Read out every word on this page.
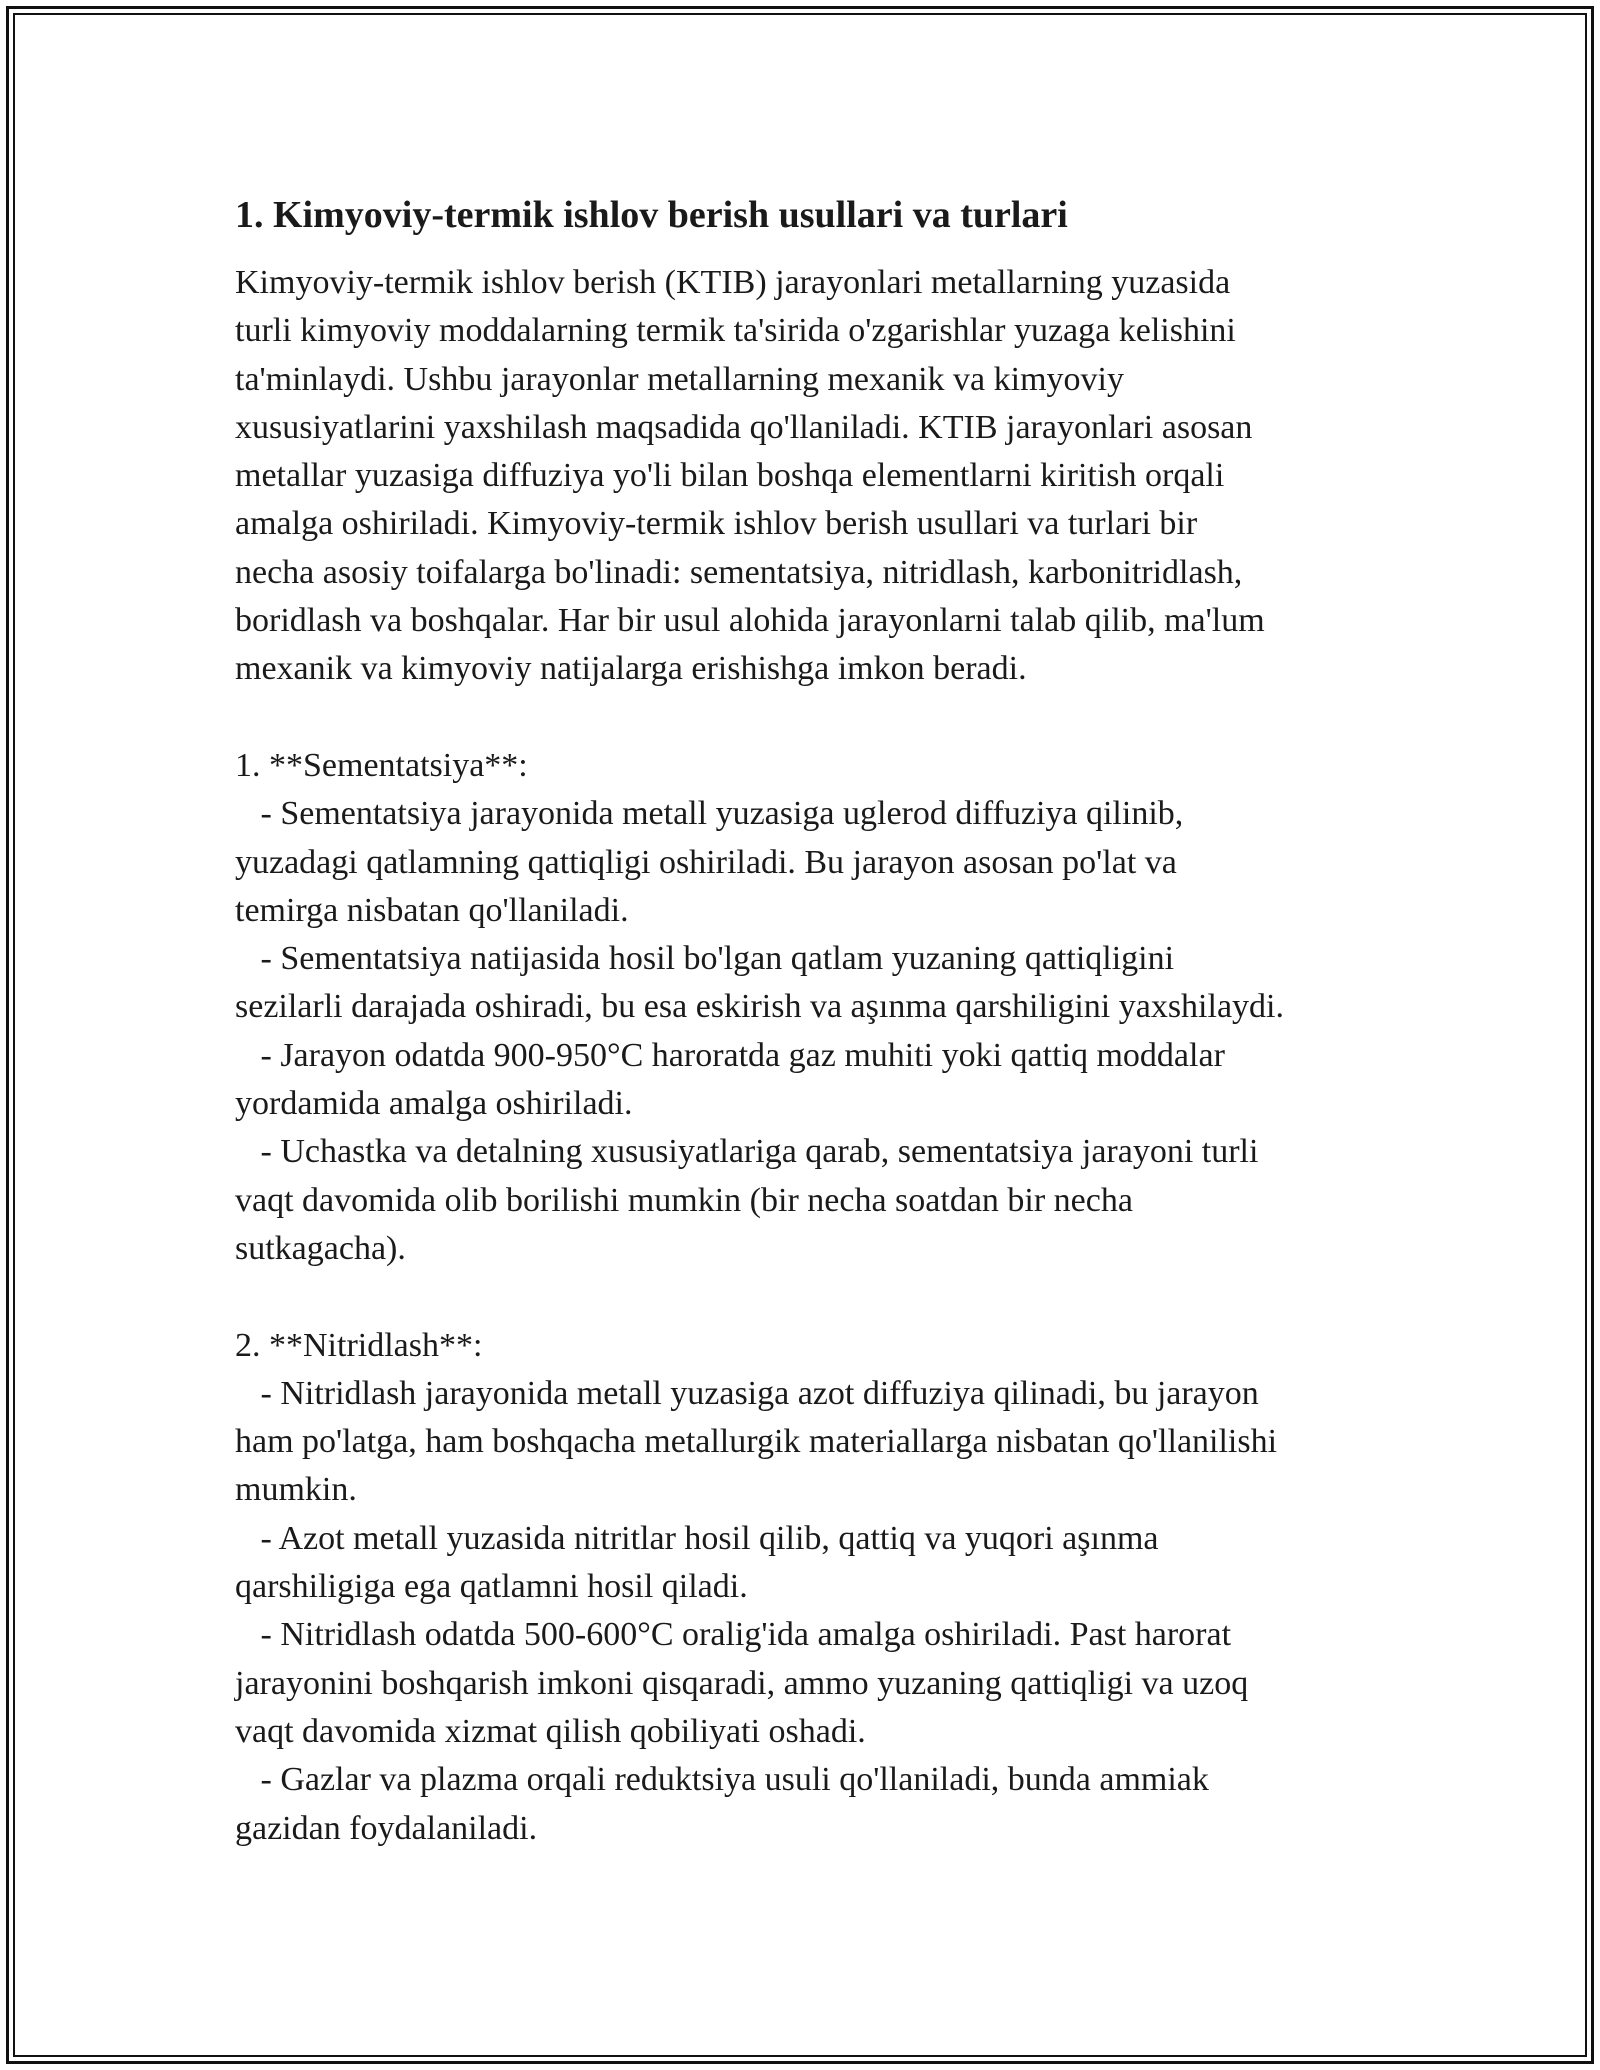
1. Kimyoviy-termik ishlov berish usullari va turlari

Kimyoviy-termik ishlov berish (KTIB) jarayonlari metallarning yuzasida

turli kimyoviy moddalarning termik ta'sirida o'zgarishlar yuzaga kelishini

ta'minlaydi. Ushbu jarayonlar metallarning mexanik va kimyoviy

xususiyatlarini yaxshilash maqsadida qo'llaniladi. KTIB jarayonlari asosan

metallar yuzasiga diffuziya yo'li bilan boshqa elementlarni kiritish orqali

amalga oshiriladi. Kimyoviy-termik ishlov berish usullari va turlari bir

necha asosiy toifalarga bo'linadi: sementatsiya, nitridlash, karbonitridlash,

boridlash va boshqalar. Har bir usul alohida jarayonlarni talab qilib, ma'lum

mexanik va kimyoviy natijalarga erishishga imkon beradi.

1. **Sementatsiya**:

- Sementatsiya jarayonida metall yuzasiga uglerod diffuziya qilinib,

yuzadagi qatlamning qattiqligi oshiriladi. Bu jarayon asosan po'lat va

temirga nisbatan qo'llaniladi.

- Sementatsiya natijasida hosil bo'lgan qatlam yuzaning qattiqligini

sezilarli darajada oshiradi, bu esa eskirish va aşınma qarshiligini yaxshilaydi.

- Jarayon odatda 900-950°C haroratda gaz muhiti yoki qattiq moddalar

yordamida amalga oshiriladi.

- Uchastka va detalning xususiyatlariga qarab, sementatsiya jarayoni turli

vaqt davomida olib borilishi mumkin (bir necha soatdan bir necha

sutkagacha).

2. **Nitridlash**:

- Nitridlash jarayonida metall yuzasiga azot diffuziya qilinadi, bu jarayon

ham po'latga, ham boshqacha metallurgik materiallarga nisbatan qo'llanilishi

mumkin.

- Azot metall yuzasida nitritlar hosil qilib, qattiq va yuqori aşınma

qarshiligiga ega qatlamni hosil qiladi.

- Nitridlash odatda 500-600°C oralig'ida amalga oshiriladi. Past harorat

jarayonini boshqarish imkoni qisqaradi, ammo yuzaning qattiqligi va uzoq

vaqt davomida xizmat qilish qobiliyati oshadi.

- Gazlar va plazma orqali reduktsiya usuli qo'llaniladi, bunda ammiak

gazidan foydalaniladi.
